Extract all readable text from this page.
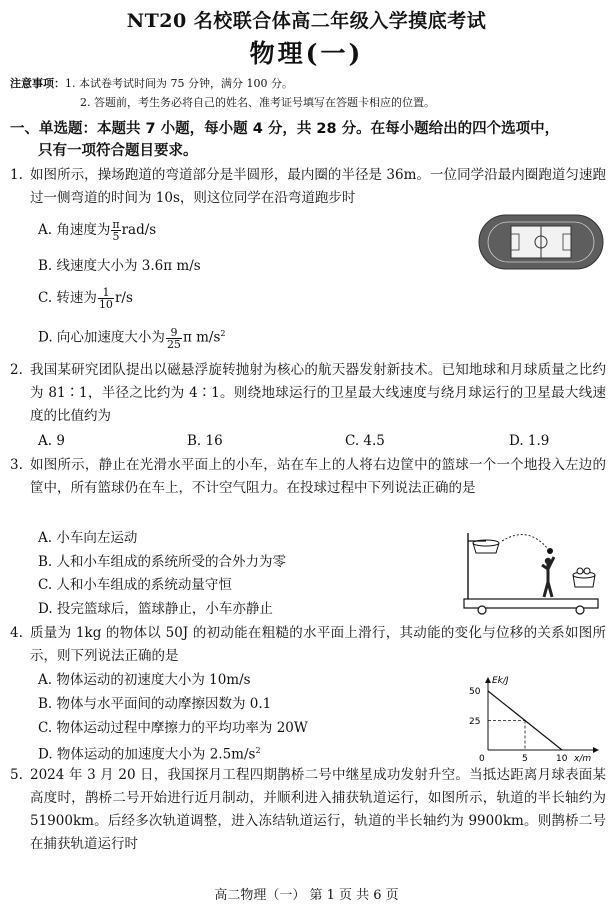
NT20 名校联合体高二年级入学摸底考试
物理(一)
注意事项：1. 本试卷考试时间为 75 分钟，满分 100 分。
2. 答题前，考生务必将自己的姓名、准考证号填写在答题卡相应的位置。
一、单选题：本题共 7 小题，每小题 4 分，共 28 分。在每小题给出的四个选项中，
只有一项符合题目要求。
1. 如图所示，操场跑道的弯道部分是半圆形，最内圈的半径是 36m。一位同学沿最内圈跑道匀速跑过一侧弯道的时间为 10s，则这位同学在沿弯道跑步时
A. 角速度为 $\frac{\pi}{5} rad/s$
B. 线速度大小为 3.6π m/s
C. 转速为 $\frac{1}{10} r/s$
D. 向心加速度大小为 $\frac{9}{25}$ π $m/s^2$
2. 我国某研究团队提出以磁悬浮旋转抛射为核心的航天器发射新技术。已知地球和月球质量之比约为 81∶1，半径之比约为 4∶1。则绕地球运行的卫星最大线速度与绕月球运行的卫星最大线速度的比值约为
A. 9	B. 16	C. 4.5	D. 1.9
3. 如图所示，静止在光滑水平面上的小车，站在车上的人将右边筐中的篮球一个一个地投入左边的筐中，所有篮球仍在车上，不计空气阻力。在投球过程中下列说法正确的是
A. 小车向左运动
B. 人和小车组成的系统所受的合外力为零
C. 人和小车组成的系统动量守恒
D. 投完篮球后，篮球静止，小车亦静止
4. 质量为 1kg 的物体以 50J 的初动能在粗糙的水平面上滑行，其动能的变化与位移的关系如图所示，则下列说法正确的是
A. 物体运动的初速度大小为 10m/s
B. 物体与水平面间的动摩擦因数为 0.1
C. 物体运动过程中摩擦力的平均功率为 20W
D. 物体运动的加速度大小为 $2.5m/s^2$
Ek/J
50
25
0	5	10 x/m
5. 2024 年 3 月 20 日，我国探月工程四期鹊桥二号中继星成功发射升空。当抵达距离月球表面某高度时，鹊桥二号开始进行近月制动，并顺利进入捕获轨道运行，如图所示，轨道的半长轴约为 51900km。后经多次轨道调整，进入冻结轨道运行，轨道的半长轴约为 9900km。则鹊桥二号在捕获轨道运行时
高二物理（一） 第 1 页 共 6 页
